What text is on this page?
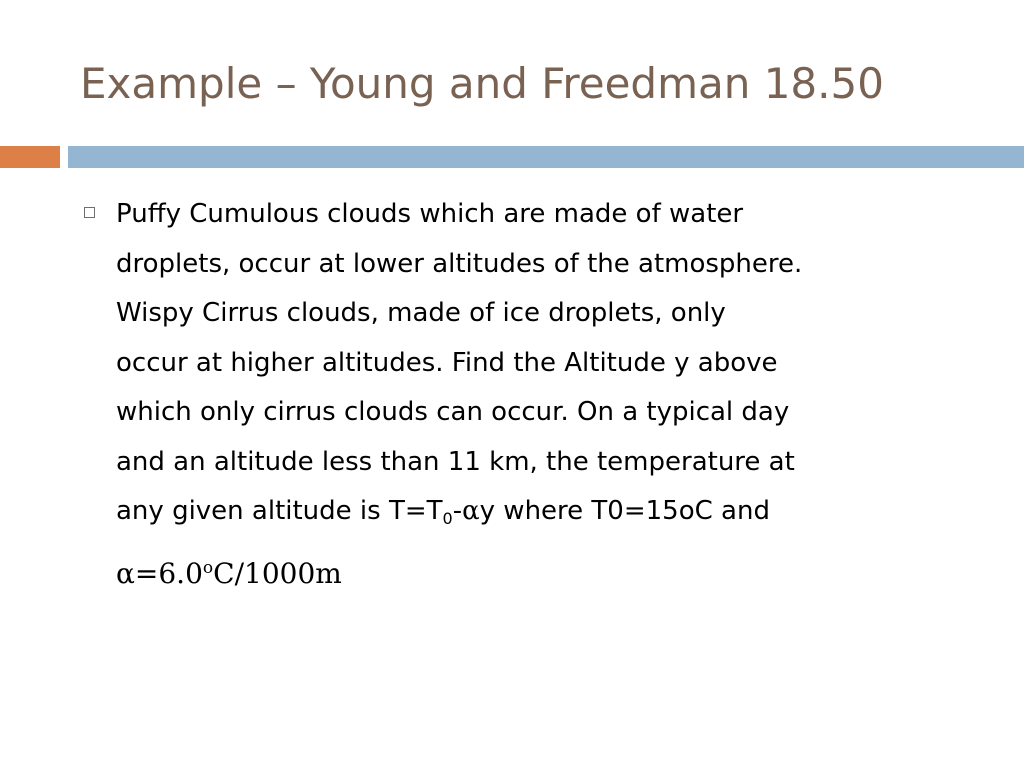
Example – Young and Freedman 18.50
Puffy Cumulous clouds which are made of water
droplets, occur at lower altitudes of the atmosphere.
Wispy Cirrus clouds, made of ice droplets, only
occur at higher altitudes. Find the Altitude y above
which only cirrus clouds can occur. On a typical day
and an altitude less than 11 km, the temperature at
any given altitude is $T=T_0-\alpha y$ where T0=15oC and
$\alpha=6.0^oC/1000m$
